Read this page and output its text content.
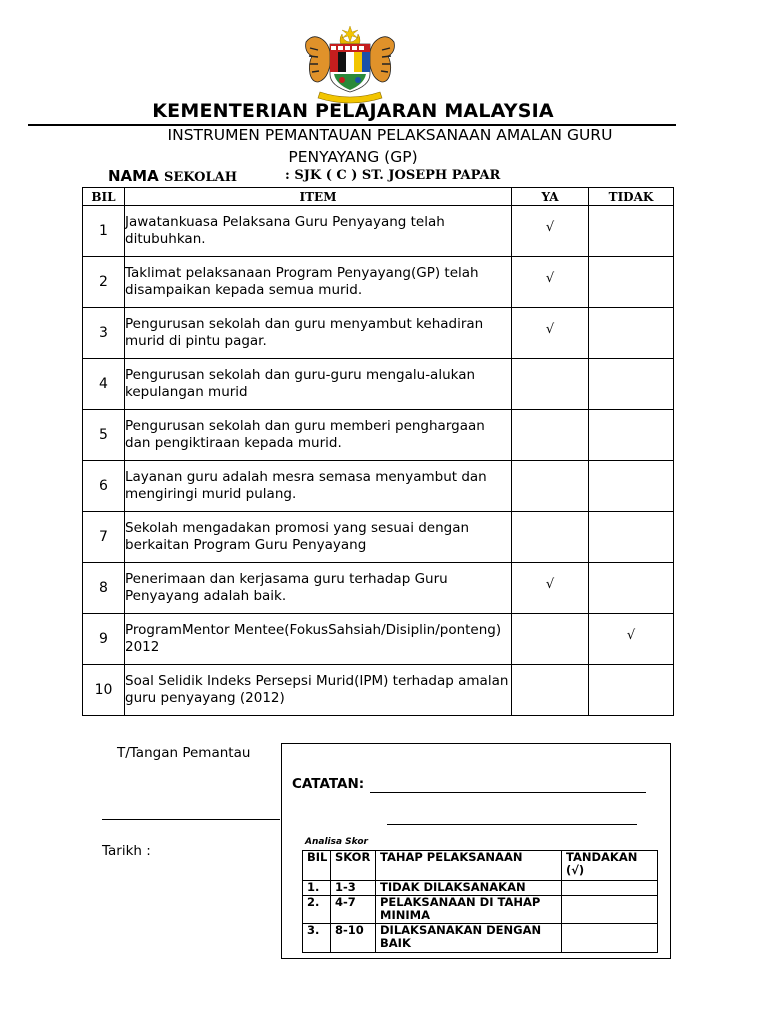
KEMENTERIAN PELAJARAN MALAYSIA
INSTRUMEN PEMANTAUAN PELAKSANAAN AMALAN GURU
PENYAYANG (GP)
NAMA SEKOLAH	: SJK ( C ) ST. JOSEPH PAPAR
BIL	ITEM	YA	TIDAK
1	Jawatankuasa Pelaksana Guru Penyayang telah ditubuhkan.	√	
2	Taklimat pelaksanaan Program Penyayang(GP) telah disampaikan kepada semua murid.	√	
3	Pengurusan sekolah dan guru menyambut kehadiran murid di pintu pagar.	√	
4	Pengurusan sekolah dan guru-guru mengalu-alukan kepulangan murid		
5	Pengurusan sekolah dan guru memberi penghargaan dan pengiktiraan kepada murid.		
6	Layanan guru adalah mesra semasa menyambut dan mengiringi murid pulang.		
7	Sekolah mengadakan promosi yang sesuai dengan berkaitan Program Guru Penyayang		
8	Penerimaan dan kerjasama guru terhadap Guru Penyayang adalah baik.	√	
9	ProgramMentor Mentee(FokusSahsiah/Disiplin/ponteng) 2012		√
10	Soal Selidik Indeks Persepsi Murid(IPM) terhadap amalan guru penyayang (2012)		
T/Tangan Pemantau
Tarikh :
CATATAN:
Analisa Skor
BIL	SKOR	TAHAP PELAKSANAAN	TANDAKAN(√)
1.	1-3	TIDAK DILAKSANAKAN	
2.	4-7	PELAKSANAAN DI TAHAP MINIMA	
3.	8-10	DILAKSANAKAN DENGAN BAIK	
